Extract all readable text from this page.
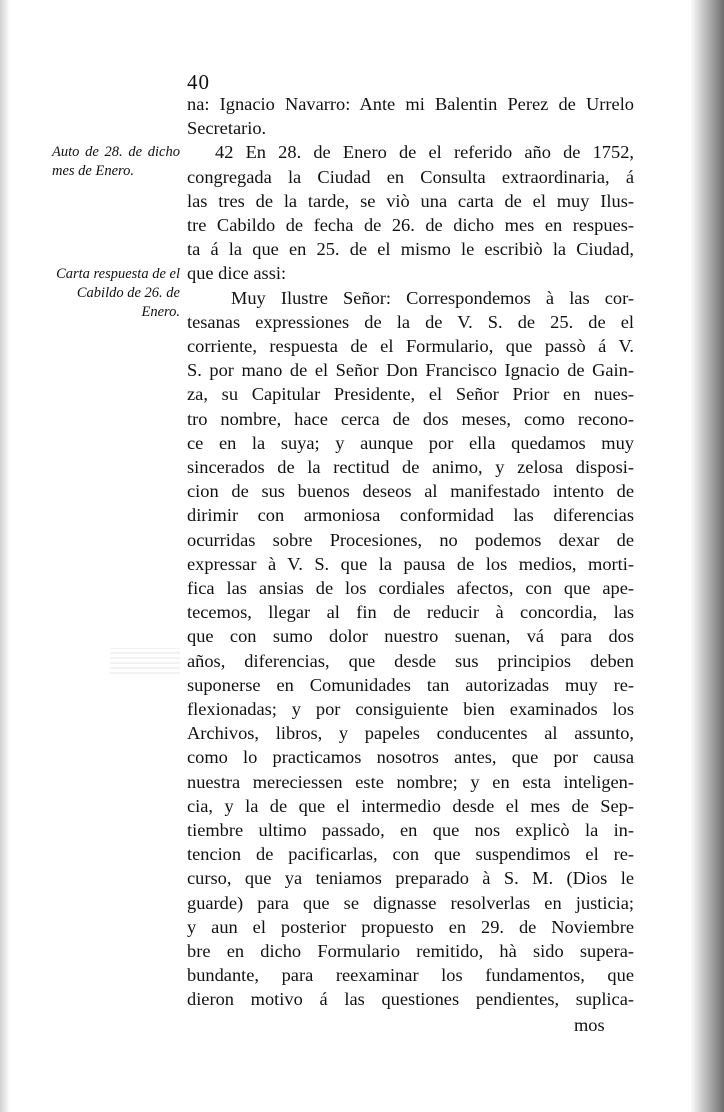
40
Auto de 28. de dicho mes de Enero.
Carta respuesta de el Cabildo de 26. de Enero.
na: Ignacio Navarro: Ante mi Balentin Perez de Urrelo
Secretario.
42 En 28. de Enero de el referido año de 1752,
congregada la Ciudad en Consulta extraordinaria, á
las tres de la tarde, se viò una carta de el muy Ilus-
tre Cabildo de fecha de 26. de dicho mes en respues-
ta á la que en 25. de el mismo le escribiò la Ciudad,
que dice assi:
Muy Ilustre Señor: Correspondemos à las cor-
tesanas expressiones de la de V. S. de 25. de el
corriente, respuesta de el Formulario, que passò á V.
S. por mano de el Señor Don Francisco Ignacio de Gain-
za, su Capitular Presidente, el Señor Prior en nues-
tro nombre, hace cerca de dos meses, como recono-
ce en la suya; y aunque por ella quedamos muy
sincerados de la rectitud de animo, y zelosa disposi-
cion de sus buenos deseos al manifestado intento de
dirimir con armoniosa conformidad las diferencias
ocurridas sobre Procesiones, no podemos dexar de
expressar à V. S. que la pausa de los medios, morti-
fica las ansias de los cordiales afectos, con que ape-
tecemos, llegar al fin de reducir à concordia, las
que con sumo dolor nuestro suenan, vá para dos
años, diferencias, que desde sus principios deben
suponerse en Comunidades tan autorizadas muy re-
flexionadas; y por consiguiente bien examinados los
Archivos, libros, y papeles conducentes al assunto,
como lo practicamos nosotros antes, que por causa
nuestra mereciessen este nombre; y en esta inteligen-
cia, y la de que el intermedio desde el mes de Sep-
tiembre ultimo passado, en que nos explicò la in-
tencion de pacificarlas, con que suspendimos el re-
curso, que ya teniamos preparado à S. M. (Dios le
guarde) para que se dignasse resolverlas en justicia;
y aun el posterior propuesto en 29. de Noviembre
bre en dicho Formulario remitido, hà sido supera-
bundante, para reexaminar los fundamentos, que
dieron motivo á las questiones pendientes, suplica-
mos
